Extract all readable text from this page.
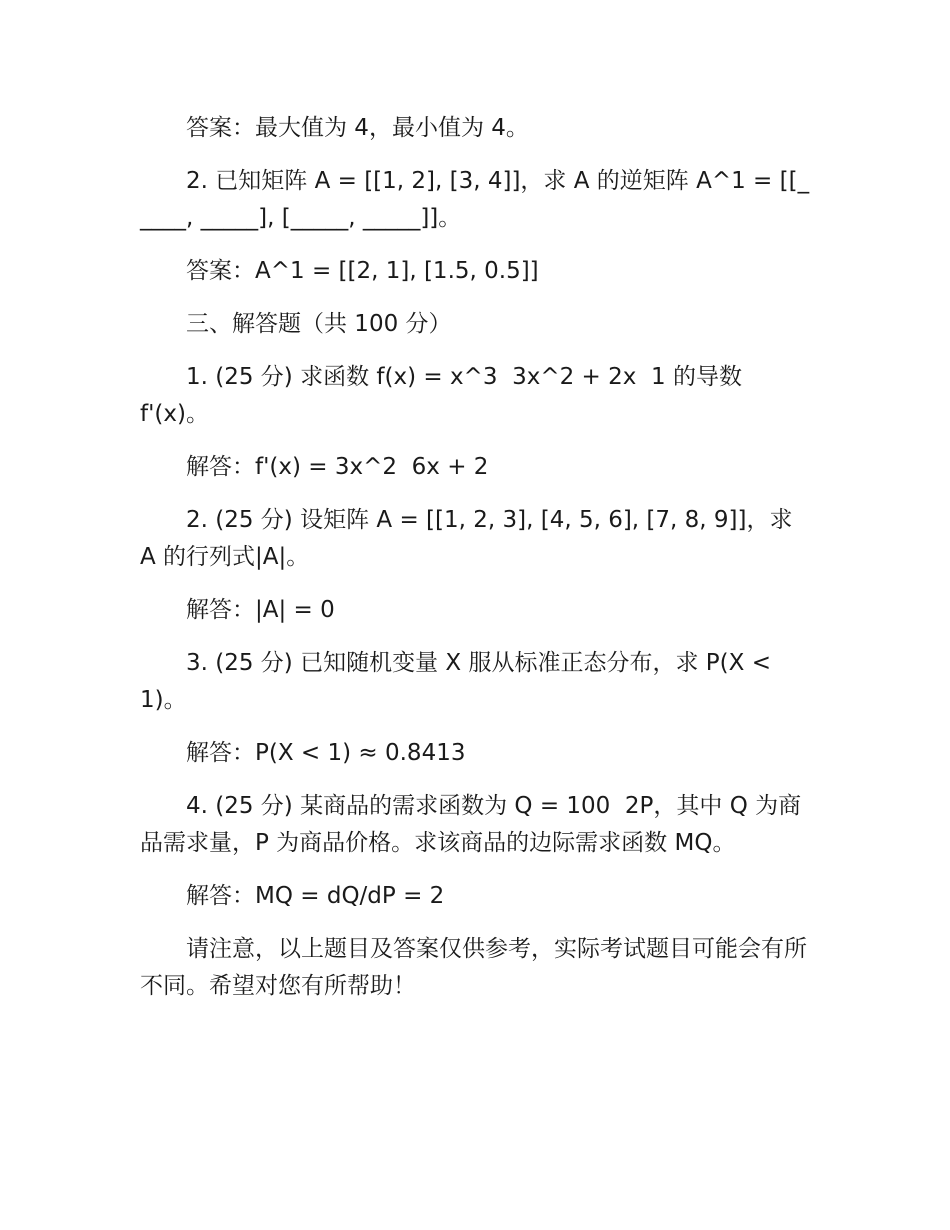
答案：最大值为 4，最小值为 4。

2. 已知矩阵 A = [[1, 2], [3, 4]]，求 A 的逆矩阵 A^1 = [[_____, _____], [_____, _____]]。

答案：A^1 = [[2, 1], [1.5, 0.5]]

三、解答题（共 100 分）

1. (25 分) 求函数 f(x) = x^3  3x^2 + 2x  1 的导数 f'(x)。

解答：f'(x) = 3x^2  6x + 2

2. (25 分) 设矩阵 A = [[1, 2, 3], [4, 5, 6], [7, 8, 9]]，求 A 的行列式|A|。

解答：|A| = 0

3. (25 分) 已知随机变量 X 服从标准正态分布，求 P(X < 1)。

解答：P(X < 1) ≈ 0.8413

4. (25 分) 某商品的需求函数为 Q = 100  2P，其中 Q 为商品需求量，P 为商品价格。求该商品的边际需求函数 MQ。

解答：MQ = dQ/dP = 2

请注意，以上题目及答案仅供参考，实际考试题目可能会有所不同。希望对您有所帮助！
